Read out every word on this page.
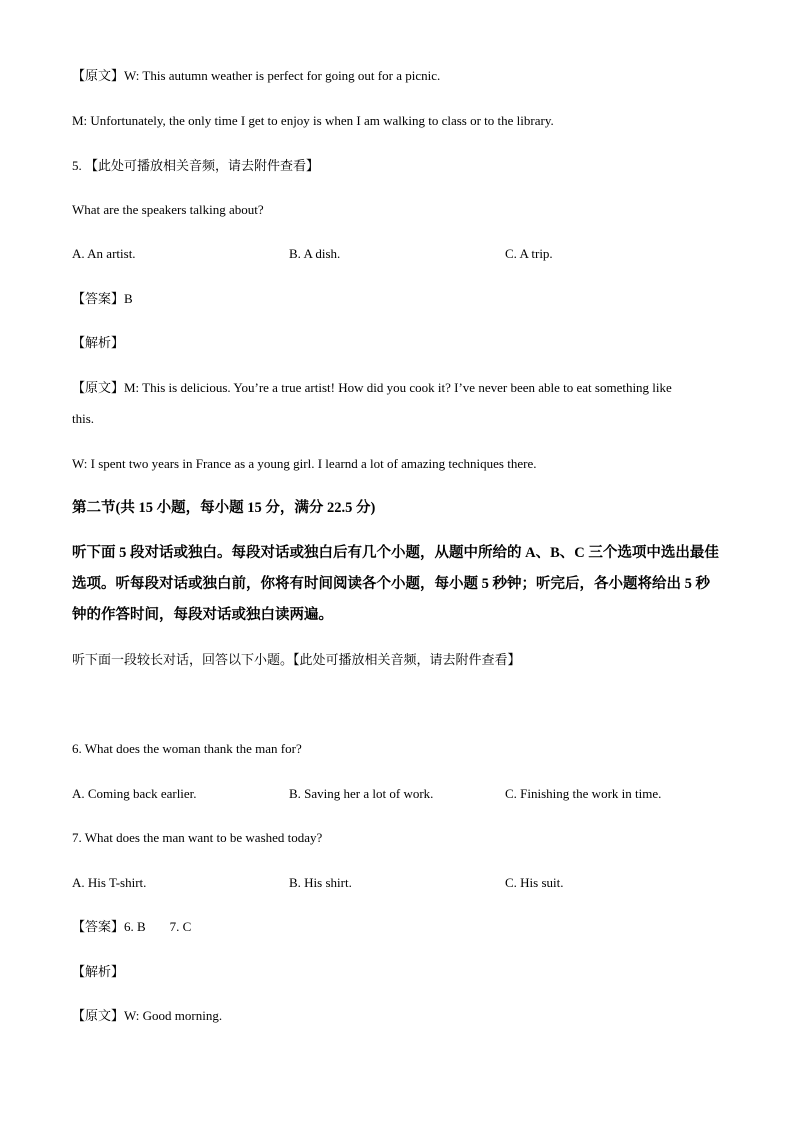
【原文】W: This autumn weather is perfect for going out for a picnic.
M: Unfortunately, the only time I get to enjoy is when I am walking to class or to the library.
5. 【此处可播放相关音频，请去附件查看】
What are the speakers talking about?
A. An artist.	B. A dish.	C. A trip.
【答案】B
【解析】
【原文】M: This is delicious. You’re a true artist! How did you cook it? I’ve never been able to eat something like
this.
W: I spent two years in France as a young girl. I learnd a lot of amazing techniques there.
第二节(共 15 小题，每小题 15 分，满分 22.5 分)
听下面 5 段对话或独白。每段对话或独白后有几个小题，从题中所给的 A、B、C 三个选项中选出最佳选项。听每段对话或独白前，你将有时间阅读各个小题，每小题 5 秒钟；听完后，各小题将给出 5 秒钟的作答时间，每段对话或独白读两遍。
听下面一段较长对话，回答以下小题。【此处可播放相关音频，请去附件查看】
6. What does the woman thank the man for?
A. Coming back earlier.	B. Saving her a lot of work.	C. Finishing the work in time.
7. What does the man want to be washed today?
A. His T-shirt.	B. His shirt.	C. His suit.
【答案】6. B 7. C
【解析】
【原文】W: Good morning.
